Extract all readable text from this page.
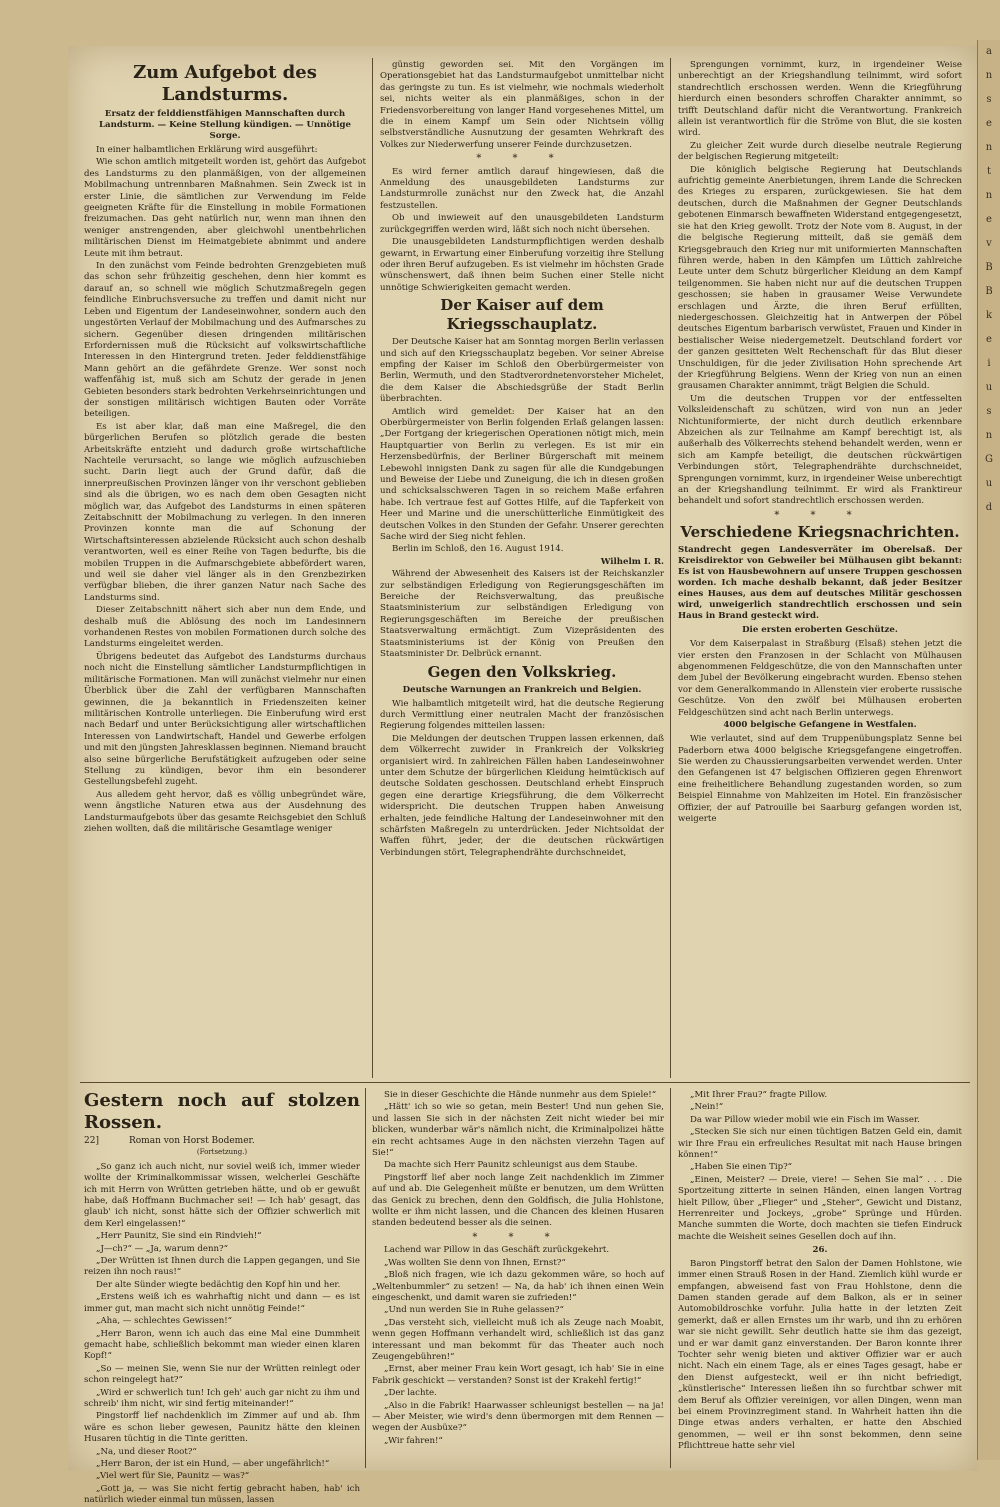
a
n
s
e
n
t
n
e
v
B
B
k
e
i
u
s
n
G
u
d
Zum Aufgebot des Landsturms.
Ersatz der felddienstfähigen Mannschaften durch Landsturm. — Keine Stellung kündigen. — Unnötige Sorge.

In einer halbamtlichen Erklärung wird ausgeführt:

Wie schon amtlich mitgeteilt worden ist, gehört das Aufgebot des Landsturms zu den planmäßigen, von der allgemeinen Mobilmachung untrennbaren Maßnahmen. Sein Zweck ist in erster Linie, die sämtlichen zur Verwendung im Felde geeigneten Kräfte für die Einstellung in mobile Formationen freizumachen. Das geht natürlich nur, wenn man ihnen den weniger anstrengenden, aber gleichwohl unentbehrlichen militärischen Dienst im Heimatgebiete abnimmt und andere Leute mit ihm betraut.

In den zunächst vom Feinde bedrohten Grenzgebieten muß das schon sehr frühzeitig geschehen, denn hier kommt es darauf an, so schnell wie möglich Schutzmaßregeln gegen feindliche Einbruchsversuche zu treffen und damit nicht nur Leben und Eigentum der Landeseinwohner, sondern auch den ungestörten Verlauf der Mobilmachung und des Aufmarsches zu sichern. Gegenüber diesen dringenden militärischen Erfordernissen muß die Rücksicht auf volkswirtschaftliche Interessen in den Hintergrund treten. Jeder felddienstfähige Mann gehört an die gefährdete Grenze. Wer sonst noch waffenfähig ist, muß sich am Schutz der gerade in jenen Gebieten besonders stark bedrohten Verkehrseinrichtungen und der sonstigen militärisch wichtigen Bauten oder Vorräte beteiligen.

Es ist aber klar, daß man eine Maßregel, die den bürgerlichen Berufen so plötzlich gerade die besten Arbeitskräfte entzieht und dadurch große wirtschaftliche Nachteile verursacht, so lange wie möglich aufzuschieben sucht. Darin liegt auch der Grund dafür, daß die innerpreußischen Provinzen länger von ihr verschont geblieben sind als die übrigen, wo es nach dem oben Gesagten nicht möglich war, das Aufgebot des Landsturms in einen späteren Zeitabschnitt der Mobilmachung zu verlegen. In den inneren Provinzen konnte man die auf Schonung der Wirtschaftsinteressen abzielende Rücksicht auch schon deshalb verantworten, weil es einer Reihe von Tagen bedurfte, bis die mobilen Truppen in die Aufmarschgebiete abbefördert waren, und weil sie daher viel länger als in den Grenzbezirken verfügbar blieben, die ihrer ganzen Natur nach Sache des Landsturms sind.

Dieser Zeitabschnitt nähert sich aber nun dem Ende, und deshalb muß die Ablösung des noch im Landesinnern vorhandenen Restes von mobilen Formationen durch solche des Landsturms eingeleitet werden.

Übrigens bedeutet das Aufgebot des Landsturms durchaus noch nicht die Einstellung sämtlicher Landsturmpflichtigen in militärische Formationen. Man will zunächst vielmehr nur einen Überblick über die Zahl der verfügbaren Mannschaften gewinnen, die ja bekanntlich in Friedenszeiten keiner militärischen Kontrolle unterliegen. Die Einberufung wird erst nach Bedarf und unter Berücksichtigung aller wirtschaftlichen Interessen von Landwirtschaft, Handel und Gewerbe erfolgen und mit den jüngsten Jahresklassen beginnen. Niemand braucht also seine bürgerliche Berufstätigkeit aufzugeben oder seine Stellung zu kündigen, bevor ihm ein besonderer Gestellungsbefehl zugeht.

Aus alledem geht hervor, daß es völlig unbegründet wäre, wenn ängstliche Naturen etwa aus der Ausdehnung des Landsturmaufgebots über das gesamte Reichsgebiet den Schluß ziehen wollten, daß die militärische Gesamtlage weniger

günstig geworden sei. Mit den Vorgängen im Operationsgebiet hat das Landsturmaufgebot unmittelbar nicht das geringste zu tun. Es ist vielmehr, wie nochmals wiederholt sei, nichts weiter als ein planmäßiges, schon in der Friedensvorbereitung von langer Hand vorgesehenes Mittel, um die in einem Kampf um Sein oder Nichtsein völlig selbstverständliche Ausnutzung der gesamten Wehrkraft des Volkes zur Niederwerfung unserer Feinde durchzusetzen.

* * *

Es wird ferner amtlich darauf hingewiesen, daß die Anmeldung des unausgebildeten Landsturms zur Landsturmrolle zunächst nur den Zweck hat, die Anzahl festzustellen.

Ob und inwieweit auf den unausgebildeten Landsturm zurückgegriffen werden wird, läßt sich noch nicht übersehen.

Die unausgebildeten Landsturmpflichtigen werden deshalb gewarnt, in Erwartung einer Einberufung vorzeitig ihre Stellung oder ihren Beruf aufzugeben. Es ist vielmehr im höchsten Grade wünschenswert, daß ihnen beim Suchen einer Stelle nicht unnötige Schwierigkeiten gemacht werden.

Der Kaiser auf dem Kriegsschauplatz.

Der Deutsche Kaiser hat am Sonntag morgen Berlin verlassen und sich auf den Kriegsschauplatz begeben. Vor seiner Abreise empfing der Kaiser im Schloß den Oberbürgermeister von Berlin, Wermuth, und den Stadtverordnetenvorsteher Michelet, die dem Kaiser die Abschiedsgrüße der Stadt Berlin überbrachten.

Amtlich wird gemeldet: Der Kaiser hat an den Oberbürgermeister von Berlin folgenden Erlaß gelangen lassen: „Der Fortgang der kriegerischen Operationen nötigt mich, mein Hauptquartier von Berlin zu verlegen. Es ist mir ein Herzensbedürfnis, der Berliner Bürgerschaft mit meinem Lebewohl innigsten Dank zu sagen für alle die Kundgebungen und Beweise der Liebe und Zuneigung, die ich in diesen großen und schicksalsschweren Tagen in so reichem Maße erfahren habe. Ich vertraue fest auf Gottes Hilfe, auf die Tapferkeit von Heer und Marine und die unerschütterliche Einmütigkeit des deutschen Volkes in den Stunden der Gefahr. Unserer gerechten Sache wird der Sieg nicht fehlen.

Berlin im Schloß, den 16. August 1914.

Wilhelm I. R.

Während der Abwesenheit des Kaisers ist der Reichskanzler zur selbständigen Erledigung von Regierungsgeschäften im Bereiche der Reichsverwaltung, das preußische Staatsministerium zur selbständigen Erledigung von Regierungsgeschäften im Bereiche der preußischen Staatsverwaltung ermächtigt. Zum Vizepräsidenten des Staatsministeriums ist der König von Preußen den Staatsminister Dr. Delbrück ernannt.

Gegen den Volkskrieg.
Deutsche Warnungen an Frankreich und Belgien.

Wie halbamtlich mitgeteilt wird, hat die deutsche Regierung durch Vermittlung einer neutralen Macht der französischen Regierung folgendes mitteilen lassen:

Die Meldungen der deutschen Truppen lassen erkennen, daß dem Völkerrecht zuwider in Frankreich der Volkskrieg organisiert wird. In zahlreichen Fällen haben Landeseinwohner unter dem Schutze der bürgerlichen Kleidung heimtückisch auf deutsche Soldaten geschossen. Deutschland erhebt Einspruch gegen eine derartige Kriegsführung, die dem Völkerrecht widerspricht. Die deutschen Truppen haben Anweisung erhalten, jede feindliche Haltung der Landeseinwohner mit den schärfsten Maßregeln zu unterdrücken. Jeder Nichtsoldat der Waffen führt, jeder, der die deutschen rückwärtigen Verbindungen stört, Telegraphendrähte durchschneidet,

Sprengungen vornimmt, kurz, in irgendeiner Weise unberechtigt an der Kriegshandlung teilnimmt, wird sofort standrechtlich erschossen werden. Wenn die Kriegführung hierdurch einen besonders schroffen Charakter annimmt, so trifft Deutschland dafür nicht die Verantwortung. Frankreich allein ist verantwortlich für die Ströme von Blut, die sie kosten wird.

Zu gleicher Zeit wurde durch dieselbe neutrale Regierung der belgischen Regierung mitgeteilt:

Die königlich belgische Regierung hat Deutschlands aufrichtig gemeinte Anerbietungen, ihrem Lande die Schrecken des Krieges zu ersparen, zurückgewiesen. Sie hat dem deutschen, durch die Maßnahmen der Gegner Deutschlands gebotenen Einmarsch bewaffneten Widerstand entgegengesetzt, sie hat den Krieg gewollt. Trotz der Note vom 8. August, in der die belgische Regierung mitteilt, daß sie gemäß dem Kriegsgebrauch den Krieg nur mit uniformierten Mannschaften führen werde, haben in den Kämpfen um Lüttich zahlreiche Leute unter dem Schutz bürgerlicher Kleidung an dem Kampf teilgenommen. Sie haben nicht nur auf die deutschen Truppen geschossen; sie haben in grausamer Weise Verwundete erschlagen und Ärzte, die ihren Beruf erfüllten, niedergeschossen. Gleichzeitig hat in Antwerpen der Pöbel deutsches Eigentum barbarisch verwüstet, Frauen und Kinder in bestialischer Weise niedergemetzelt. Deutschland fordert vor der ganzen gesitteten Welt Rechenschaft für das Blut dieser Unschuldigen, für die jeder Zivilisation Hohn sprechende Art der Kriegführung Belgiens. Wenn der Krieg von nun an einen grausamen Charakter annimmt, trägt Belgien die Schuld.

Um die deutschen Truppen vor der entfesselten Volksleidenschaft zu schützen, wird von nun an jeder Nichtuniformierte, der nicht durch deutlich erkennbare Abzeichen als zur Teilnahme am Kampf berechtigt ist, als außerhalb des Völkerrechts stehend behandelt werden, wenn er sich am Kampfe beteiligt, die deutschen rückwärtigen Verbindungen stört, Telegraphendrähte durchschneidet, Sprengungen vornimmt, kurz, in irgendeiner Weise unberechtigt an der Kriegshandlung teilnimmt. Er wird als Franktireur behandelt und sofort standrechtlich erschossen werden.

* * *
Verschiedene Kriegsnachrichten.
Standrecht gegen Landesverräter im Oberelsaß. Der Kreisdirektor von Gebweiler bei Mülhausen gibt bekannt: Es ist von Hausbewohnern auf unsere Truppen geschossen worden. Ich mache deshalb bekannt, daß jeder Besitzer eines Hauses, aus dem auf deutsches Militär geschossen wird, unweigerlich standrechtlich erschossen und sein Haus in Brand gesteckt wird.
Die ersten eroberten Geschütze.

Vor dem Kaiserpalast in Straßburg (Elsaß) stehen jetzt die vier ersten den Franzosen in der Schlacht von Mülhausen abgenommenen Feldgeschütze, die von den Mannschaften unter dem Jubel der Bevölkerung eingebracht wurden. Ebenso stehen vor dem Generalkommando in Allenstein vier eroberte russische Geschütze. Von den zwölf bei Mülhausen eroberten Feldgeschützen sind acht nach Berlin unterwegs.

4000 belgische Gefangene in Westfalen.

Wie verlautet, sind auf dem Truppenübungsplatz Senne bei Paderborn etwa 4000 belgische Kriegsgefangene eingetroffen. Sie werden zu Chaussierungsarbeiten verwendet werden. Unter den Gefangenen ist 47 belgischen Offizieren gegen Ehrenwort eine freiheitlichere Behandlung zugestanden worden, so zum Beispiel Einnahme von Mahlzeiten im Hotel. Ein französischer Offizier, der auf Patrouille bei Saarburg gefangen worden ist, weigerte

Gestern noch auf stolzen Rossen.
22]	Roman von Horst Bodemer.
(Fortsetzung.)

„So ganz ich auch nicht, nur soviel weiß ich, immer wieder wollte der Kriminalkommissar wissen, welcherlei Geschäfte ich mit Herrn von Wrütten getrieben hätte, und ob er gewußt habe, daß Hoffmann Buchmacher sei! — Ich hab' gesagt, das glaub' ich nicht, sonst hätte sich der Offizier schwerlich mit dem Kerl eingelassen!“

„Herr Paunitz, Sie sind ein Rindvieh!“

„J—ch?“ — „Ja, warum denn?“

„Der Wrütten ist Ihnen durch die Lappen gegangen, und Sie reizen ihn noch raus!“

Der alte Sünder wiegte bedächtig den Kopf hin und her.

„Erstens weiß ich es wahrhaftig nicht und dann — es ist immer gut, man macht sich nicht unnötig Feinde!“

„Aha, — schlechtes Gewissen!“

„Herr Baron, wenn ich auch das eine Mal eine Dummheit gemacht habe, schließlich bekommt man wieder einen klaren Kopf!“

„So — meinen Sie, wenn Sie nur der Wrütten reinlegt oder schon reingelegt hat?“

„Wird er schwerlich tun! Ich geh' auch gar nicht zu ihm und schreib' ihm nicht, wir sind fertig miteinander!“

Pingstorff lief nachdenklich im Zimmer auf und ab. Ihm wäre es schon lieber gewesen, Paunitz hätte den kleinen Husaren tüchtig in die Tinte geritten.

„Na, und dieser Root?“

„Herr Baron, der ist ein Hund, — aber ungefährlich!“

„Viel wert für Sie, Paunitz — was?“

„Gott ja, — was Sie nicht fertig gebracht haben, hab' ich natürlich wieder einmal tun müssen, lassen

Sie in dieser Geschichte die Hände nunmehr aus dem Spiele!“

„Hätt' ich so wie so getan, mein Bester! Und nun gehen Sie, und lassen Sie sich in der nächsten Zeit nicht wieder bei mir blicken, wunderbar wär's nämlich nicht, die Kriminalpolizei hätte ein recht achtsames Auge in den nächsten vierzehn Tagen auf Sie!“

Da machte sich Herr Paunitz schleunigst aus dem Staube.

Pingstorff lief aber noch lange Zeit nachdenklich im Zimmer auf und ab. Die Gelegenheit müßte er benutzen, um dem Wrütten das Genick zu brechen, denn den Goldfisch, die Julia Hohlstone, wollte er ihm nicht lassen, und die Chancen des kleinen Husaren standen bedeutend besser als die seinen.

* * *

Lachend war Pillow in das Geschäft zurückgekehrt.

„Was wollten Sie denn von Ihnen, Ernst?“

„Bloß nich fragen, wie ich dazu gekommen wäre, so hoch auf „Weltenbummler“ zu setzen! — Na, da hab' ich ihnen einen Wein eingeschenkt, und damit waren sie zufrieden!“

„Und nun werden Sie in Ruhe gelassen?“

„Das versteht sich, vielleicht muß ich als Zeuge nach Moabit, wenn gegen Hoffmann verhandelt wird, schließlich ist das ganz interessant und man bekommt für das Theater auch noch Zeugengebühren!“

„Ernst, aber meiner Frau kein Wort gesagt, ich hab' Sie in eine Fabrik geschickt — verstanden? Sonst ist der Krakehl fertig!“

„Der lachte.

„Also in die Fabrik! Haarwasser schleunigst bestellen — na ja! — Aber Meister, wie wird's denn übermorgen mit dem Rennen — wegen der Ausbüxe?“

„Wir fahren!“

„Mit Ihrer Frau?“ fragte Pillow.

„Nein!“

Da war Pillow wieder mobil wie ein Fisch im Wasser.

„Stecken Sie sich nur einen tüchtigen Batzen Geld ein, damit wir Ihre Frau ein erfreuliches Resultat mit nach Hause bringen können!“

„Haben Sie einen Tip?“

„Einen, Meister? — Dreie, viere! — Sehen Sie mal“ . . . Die Sportzeitung zitterte in seinen Händen, einen langen Vortrag hielt Pillow, über „Flieger“ und „Steher“, Gewicht und Distanz, Herrenreiter und Jockeys, „grobe“ Sprünge und Hürden. Manche summten die Worte, doch machten sie tiefen Eindruck machte die Weisheit seines Gesellen doch auf ihn.

26.

Baron Pingstorff betrat den Salon der Damen Hohlstone, wie immer einen Strauß Rosen in der Hand. Ziemlich kühl wurde er empfangen, abweisend fast von Frau Hohlstone, denn die Damen standen gerade auf dem Balkon, als er in seiner Automobildroschke vorfuhr. Julia hatte in der letzten Zeit gemerkt, daß er allen Ernstes um ihr warb, und ihn zu erhören war sie nicht gewillt. Sehr deutlich hatte sie ihm das gezeigt, und er war damit ganz einverstanden. Der Baron konnte ihrer Tochter sehr wenig bieten und aktiver Offizier war er auch nicht. Nach ein einem Tage, als er eines Tages gesagt, habe er den Dienst aufgesteckt, weil er ihn nicht befriedigt, „künstlerische“ Interessen ließen ihn so furchtbar schwer mit dem Beruf als Offizier vereinigen, vor allen Dingen, wenn man bei einem Provinzregiment stand. In Wahrheit hatten ihn die Dinge etwas anders verhalten, er hatte den Abschied genommen, — weil er ihn sonst bekommen, denn seine Pflichttreue hatte sehr viel
